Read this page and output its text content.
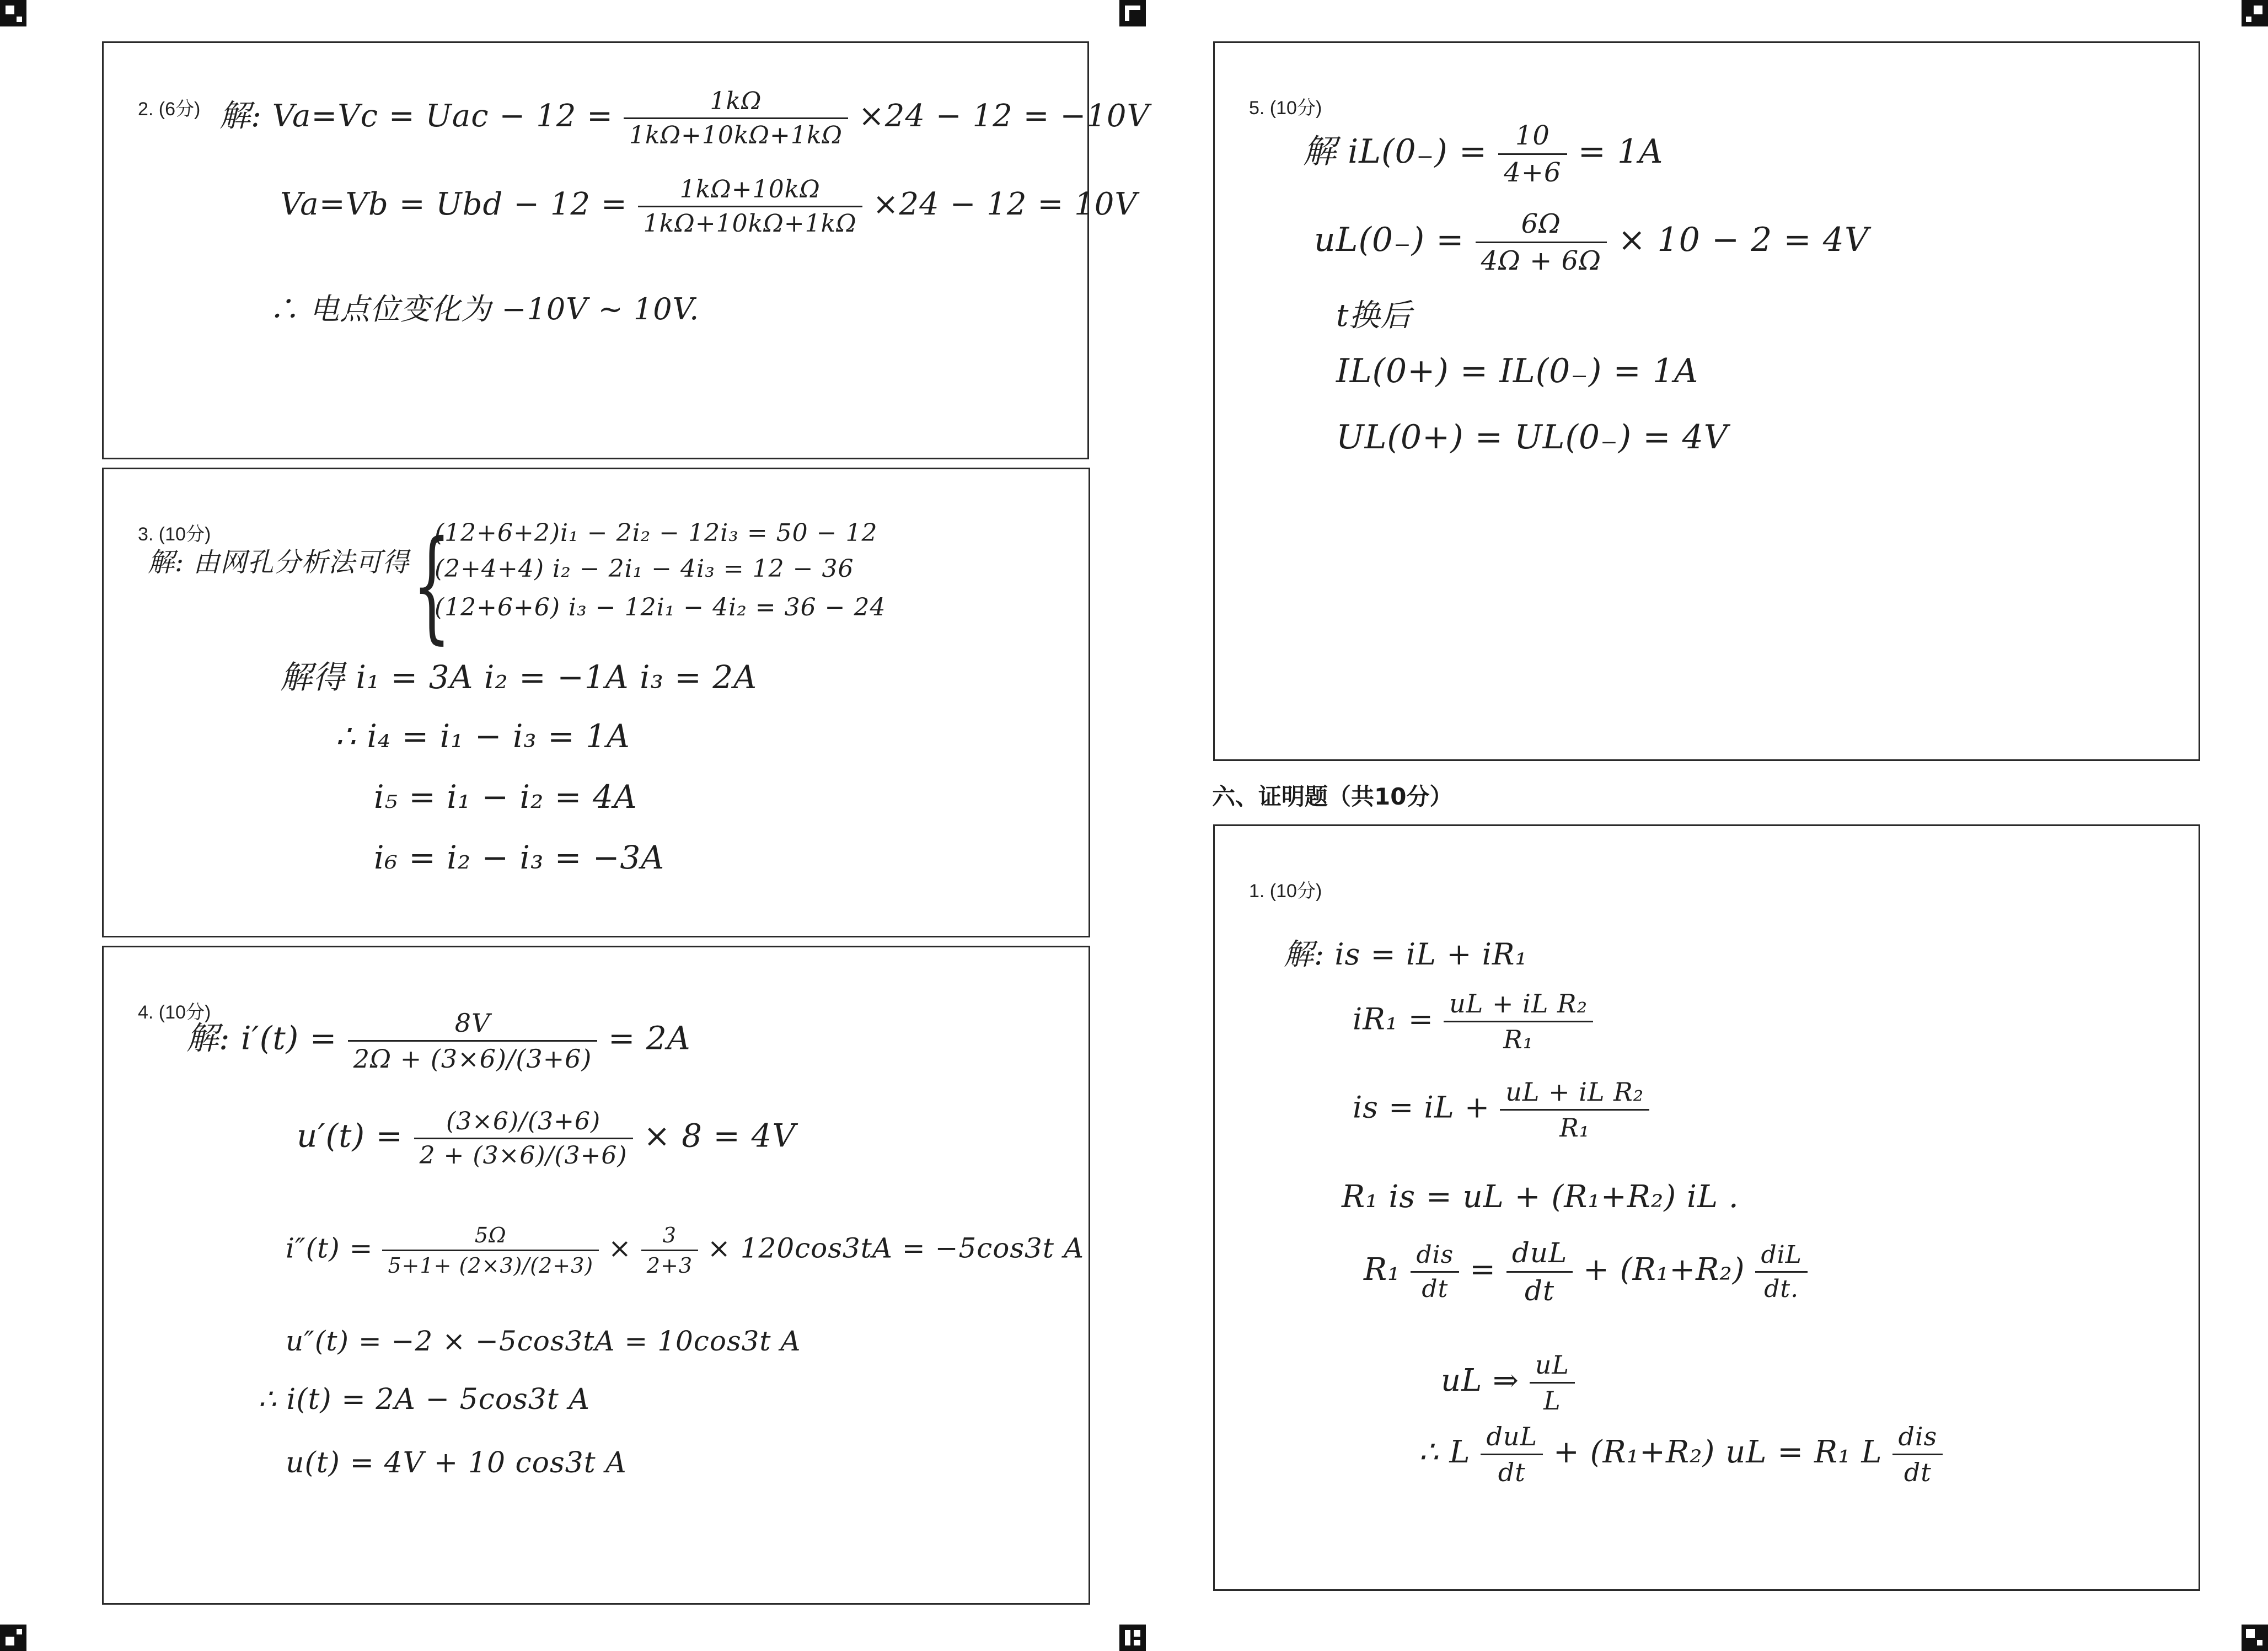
2. (6分) 解: Va=Vc = Uac − $12 = \frac{1k\Omega}{1k\Omega+10k\Omega+1k\Omega} \times 24 - 12 = -10V$
Va=Vb = Ubd − $12 = \frac{1k\Omega+10k\Omega}{1k\Omega+10k\Omega+1k\Omega} \times 24 - 12 = 10V$
∴ 电点位变化为 −10V ∼ 10V.
3. (10分)
解: 由网孔分析法可得 {
(12+6+2)i₁ − 2i₂ − 12i₃ = 50 − 12
(2+4+4) i₂ − 2i₁ − 4i₃ = 12 − 36
(12+6+6) i₃ − 12i₁ − 4i₂ = 36 − 24
解得 i₁ = 3A i₂ = −1A i₃ = 2A
∴ i₄ = i₁ − i₃ = 1A
i₅ = i₁ − i₂ = 4A
i₆ = i₂ − i₃ = −3A
4. (10分)
解: $i'(t) = \frac{8V}{2\Omega + (3\times 6)/(3+6)} = 2A$
$u'(t) = \frac{(3\times 6)/(3+6)}{2 + (3\times 6)/(3+6)} \times 8 = 4V$
$i''(t) = \frac{5\Omega}{5+1+ (2\times 3)/(2+3)} \times \frac{3}{2+3} \times 120\cos 3tA = -5\cos 3t$ A
u″(t) = −2 × −5cos3tA = 10cos3t A
∴ i(t) = 2A − 5cos3t A
u(t) = 4V + 10 cos3t A
5. (10分)
解 $iL(0_-) = \frac{10}{4+6} = 1A$
$uL(0_-) = \frac{6\Omega}{4\Omega + 6\Omega} \times 10 - 2 = 4V$
t换后
IL(0+) = IL(0₋) = 1A
UL(0+) = UL(0₋) = 4V
六、证明题（共10分）
1. (10分)
解: is = iL + iR₁
$iR_1 = \frac{\text{uL + iL R₂}}{\text{R₁}}$
is = iL + $\frac{\text{uL + iL R₂}}{\text{R₁}}$
R₁ is = uL + (R₁+R₂) iL .
R₁ dis
dt
= duL
dt
+ (R₁+R₂) diL
dt.
uL ⇒ $\frac{uL}{L}$
∴ L duL
dt
+ (R₁+R₂) uL = R₁ L dis
dt
